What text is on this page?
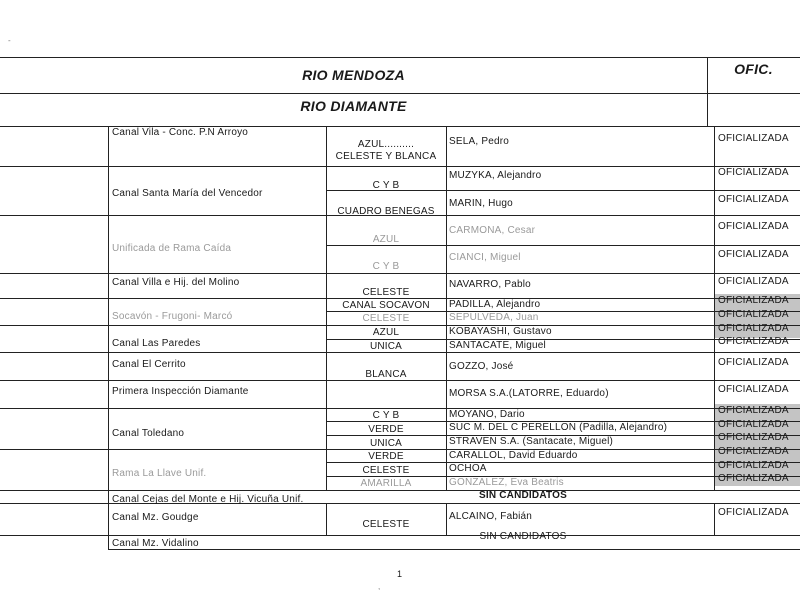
-
,
RIO MENDOZA	OFIC.
RIO DIAMANTE
Canal Vila - Conc. P.N Arroyo
Canal Santa María del Vencedor
Unificada de Rama Caída
Canal Villa e Hij. del Molino
Socavón - Frugoni- Marcó
Canal Las Paredes
Canal El Cerrito
Primera Inspección Diamante
Canal Toledano
Rama La Llave Unif.
Canal Cejas del Monte e Hij. Vicuña Unif.
Canal Mz. Goudge
Canal Mz. Vidalino
AZUL..........
CELESTE Y BLANCA
C Y B
CUADRO BENEGAS
AZUL
C Y B
CELESTE
CANAL SOCAVON
CELESTE
AZUL
UNICA
BLANCA
C Y B
VERDE
UNICA
VERDE
CELESTE
AMARILLA
CELESTE
SELA, Pedro
MUZYKA, Alejandro
MARIN, Hugo
CARMONA, Cesar
CIANCI, Miguel
NAVARRO, Pablo
PADILLA, Alejandro
SEPULVEDA, Juan
KOBAYASHI, Gustavo
SANTACATE, Miguel
GOZZO, José
MORSA S.A.(LATORRE, Eduardo)
MOYANO, Dario
SUC M. DEL C PERELLON (Padilla, Alejandro)
STRAVEN S.A. (Santacate, Miguel)
CARALLOL, David Eduardo
OCHOA
GONZALEZ, Eva Beatris
SIN CANDIDATOS
ALCAINO, Fabián
SIN CANDIDATOS
OFICIALIZADA
OFICIALIZADA
OFICIALIZADA
OFICIALIZADA
OFICIALIZADA
OFICIALIZADA
OFICIALIZADA
OFICIALIZADA
OFICIALIZADA
OFICIALIZADA
OFICIALIZADA
OFICIALIZADA
OFICIALIZADA
OFICIALIZADA
OFICIALIZADA
OFICIALIZADA
OFICIALIZADA
OFICIALIZADA
OFICIALIZADA
1
